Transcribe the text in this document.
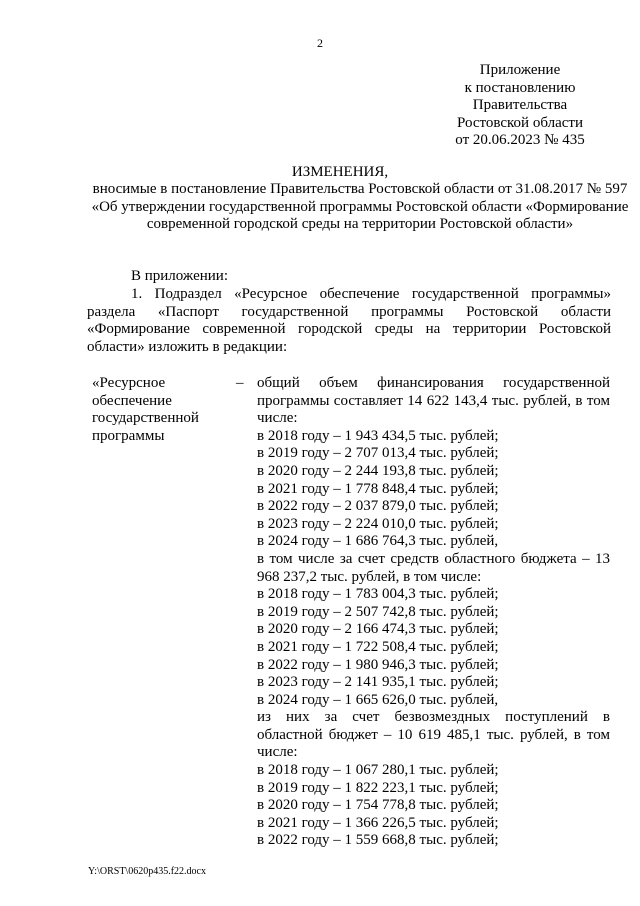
2
Приложение
к постановлению
Правительства
Ростовской области
от 20.06.2023 № 435
ИЗМЕНЕНИЯ,
вносимые в постановление Правительства Ростовской области от 31.08.2017 № 597 «Об утверждении государственной программы Ростовской области «Формирование современной городской среды на территории Ростовской области»
В приложении:
1. Подраздел «Ресурсное обеспечение государственной программы» раздела «Паспорт государственной программы Ростовской области «Формирование современной городской среды на территории Ростовской области» изложить в редакции:
«Ресурсное обеспечение государственной программы
– общий объем финансирования государственной программы составляет 14 622 143,4 тыс. рублей, в том числе:
в 2018 году – 1 943 434,5 тыс. рублей;
в 2019 году – 2 707 013,4 тыс. рублей;
в 2020 году – 2 244 193,8 тыс. рублей;
в 2021 году – 1 778 848,4 тыс. рублей;
в 2022 году – 2 037 879,0 тыс. рублей;
в 2023 году – 2 224 010,0 тыс. рублей;
в 2024 году – 1 686 764,3 тыс. рублей,
в том числе за счет средств областного бюджета – 13 968 237,2 тыс. рублей, в том числе:
в 2018 году – 1 783 004,3 тыс. рублей;
в 2019 году – 2 507 742,8 тыс. рублей;
в 2020 году – 2 166 474,3 тыс. рублей;
в 2021 году – 1 722 508,4 тыс. рублей;
в 2022 году – 1 980 946,3 тыс. рублей;
в 2023 году – 2 141 935,1 тыс. рублей;
в 2024 году – 1 665 626,0 тыс. рублей,
из них за счет безвозмездных поступлений в областной бюджет – 10 619 485,1 тыс. рублей, в том числе:
в 2018 году – 1 067 280,1 тыс. рублей;
в 2019 году – 1 822 223,1 тыс. рублей;
в 2020 году – 1 754 778,8 тыс. рублей;
в 2021 году – 1 366 226,5 тыс. рублей;
в 2022 году – 1 559 668,8 тыс. рублей;
Y:\ORST\0620p435.f22.docx
